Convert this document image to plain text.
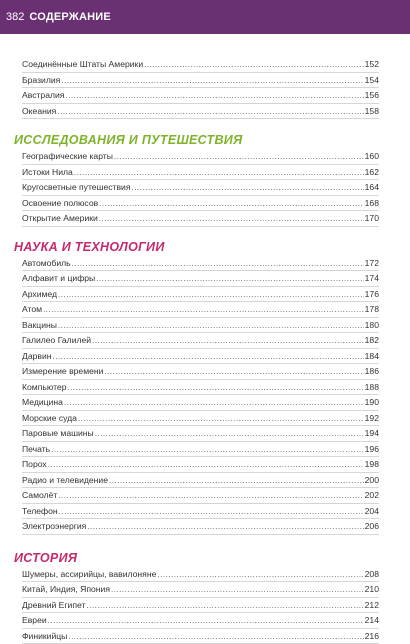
382 СОДЕРЖАНИЕ
Соединённые Штаты Америки .....	152
Бразилия .....	154
Австралия .....	156
Океания .....	158
ИССЛЕДОВАНИЯ И ПУТЕШЕСТВИЯ
Географические карты .....	160
Истоки Нила .....	162
Кругосветные путешествия .....	164
Освоение полюсов .....	168
Открытие Америки .....	170
НАУКА И ТЕХНОЛОГИИ
Автомобиль .....	172
Алфавит и цифры .....	174
Архимед .....	176
Атом .....	178
Вакцины .....	180
Галилео Галилей .....	182
Дарвин .....	184
Измерение времени .....	186
Компьютер .....	188
Медицина .....	190
Морские суда .....	192
Паровые машины .....	194
Печать .....	196
Порох .....	198
Радио и телевидение .....	200
Самолёт .....	202
Телефон .....	204
Электроэнергия .....	206
ИСТОРИЯ
Шумеры, ассирийцы, вавилоняне .....	208
Китай, Индия, Япония .....	210
Древний Египет .....	212
Евреи .....	214
Финикийцы .....	216
